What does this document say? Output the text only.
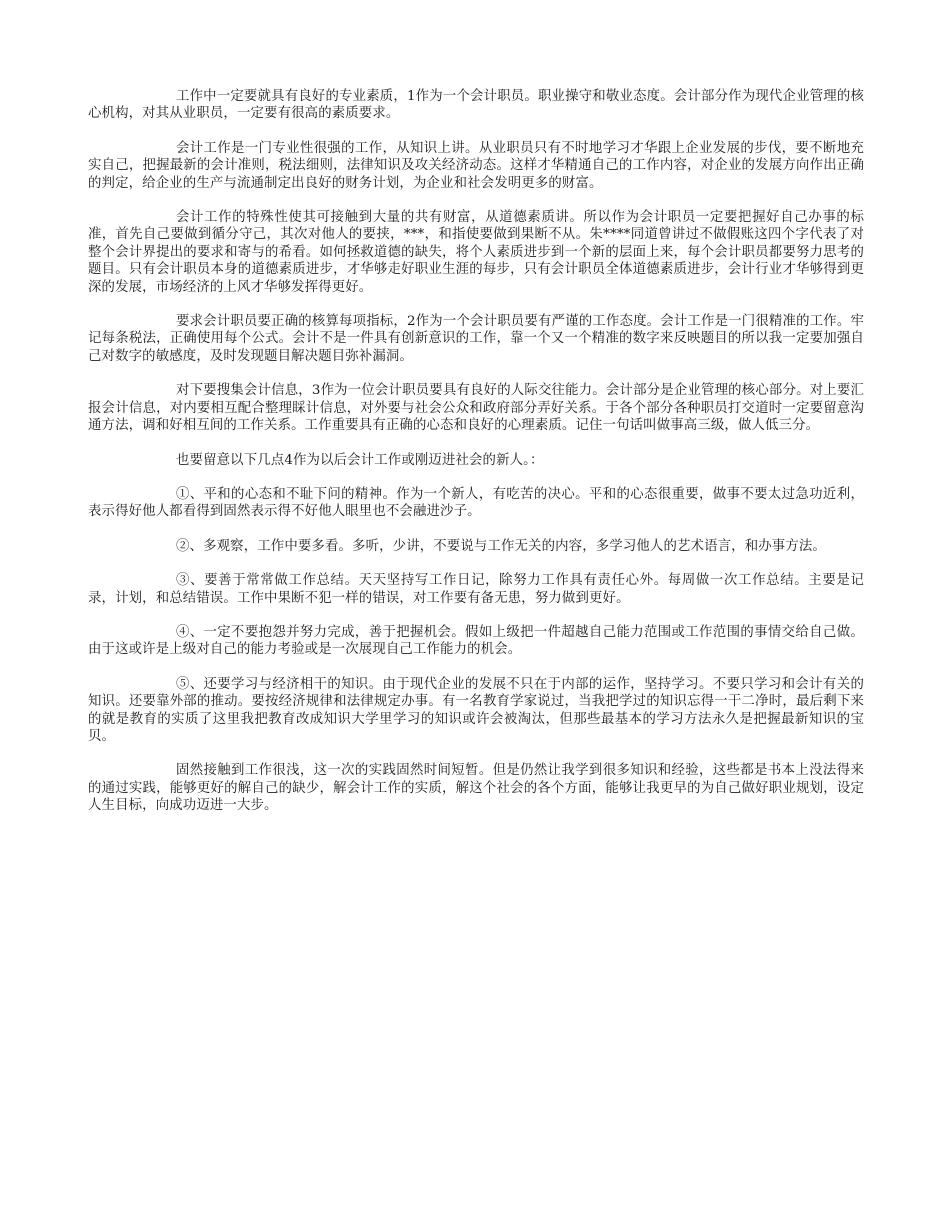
工作中一定要就具有良好的专业素质，1作为一个会计职员。职业操守和敬业态度。会计部分作为现代企业管理的核心机构，对其从业职员，一定要有很高的素质要求。

会计工作是一门专业性很强的工作，从知识上讲。从业职员只有不时地学习才华跟上企业发展的步伐，要不断地充实自己，把握最新的会计准则，税法细则，法律知识及攻关经济动态。这样才华精通自己的工作内容，对企业的发展方向作出正确的判定，给企业的生产与流通制定出良好的财务计划，为企业和社会发明更多的财富。

会计工作的特殊性使其可接触到大量的共有财富，从道德素质讲。所以作为会计职员一定要把握好自己办事的标准，首先自己要做到循分守己，其次对他人的要挟，***，和指使要做到果断不从。朱****同道曾讲过不做假账这四个字代表了对整个会计界提出的要求和寄与的希看。如何拯救道德的缺失，将个人素质进步到一个新的层面上来，每个会计职员都要努力思考的题目。只有会计职员本身的道德素质进步，才华够走好职业生涯的每步，只有会计职员全体道德素质进步，会计行业才华够得到更深的发展，市场经济的上风才华够发挥得更好。

要求会计职员要正确的核算每项指标，2作为一个会计职员要有严谨的工作态度。会计工作是一门很精准的工作。牢记每条税法，正确使用每个公式。会计不是一件具有创新意识的工作，靠一个又一个精准的数字来反映题目的所以我一定要加强自己对数字的敏感度，及时发现题目解决题目弥补漏洞。

对下要搜集会计信息，3作为一位会计职员要具有良好的人际交往能力。会计部分是企业管理的核心部分。对上要汇报会计信息，对内要相互配合整理睬计信息，对外要与社会公众和政府部分弄好关系。于各个部分各种职员打交道时一定要留意沟通方法，调和好相互间的工作关系。工作重要具有正确的心态和良好的心理素质。记住一句话叫做事高三级，做人低三分。

也要留意以下几点4作为以后会计工作或刚迈进社会的新人。：

①、平和的心态和不耻下问的精神。作为一个新人，有吃苦的决心。平和的心态很重要，做事不要太过急功近利，表示得好他人都看得到固然表示得不好他人眼里也不会融进沙子。

②、多观察，工作中要多看。多听，少讲，不要说与工作无关的内容，多学习他人的艺术语言，和办事方法。

③、要善于常常做工作总结。天天坚持写工作日记，除努力工作具有责任心外。每周做一次工作总结。主要是记录，计划，和总结错误。工作中果断不犯一样的错误，对工作要有备无患，努力做到更好。

④、一定不要抱怨并努力完成，善于把握机会。假如上级把一件超越自己能力范围或工作范围的事情交给自己做。由于这或许是上级对自己的能力考验或是一次展现自己工作能力的机会。

⑤、还要学习与经济相干的知识。由于现代企业的发展不只在于内部的运作，坚持学习。不要只学习和会计有关的知识。还要靠外部的推动。要按经济规律和法律规定办事。有一名教育学家说过，当我把学过的知识忘得一干二净时，最后剩下来的就是教育的实质了这里我把教育改成知识大学里学习的知识或许会被淘汰，但那些最基本的学习方法永久是把握最新知识的宝贝。

固然接触到工作很浅，这一次的实践固然时间短暂。但是仍然让我学到很多知识和经验，这些都是书本上没法得来的通过实践，能够更好的解自己的缺少，解会计工作的实质，解这个社会的各个方面，能够让我更早的为自己做好职业规划，设定人生目标，向成功迈进一大步。
